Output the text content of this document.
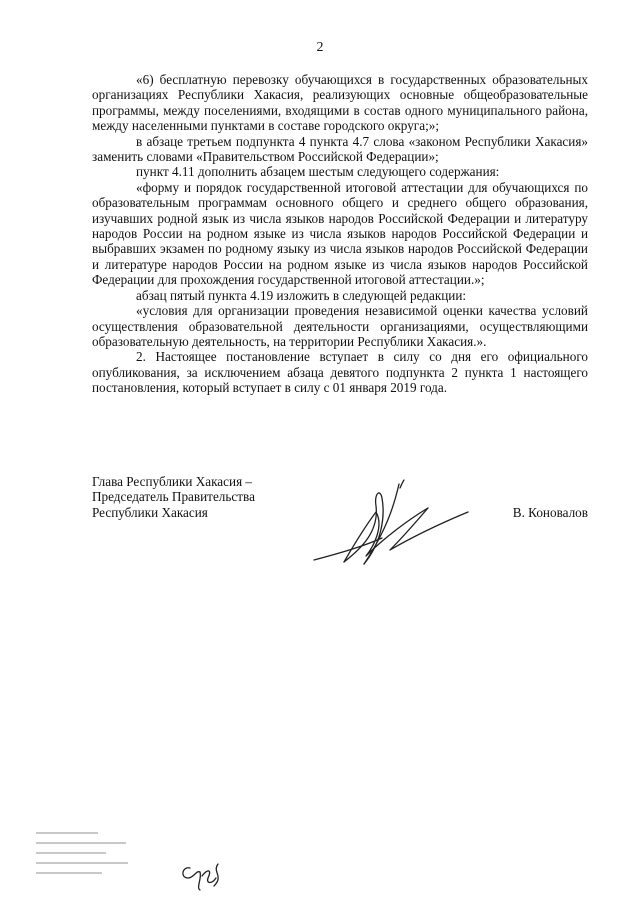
2

«6) бесплатную перевозку обучающихся в государственных образовательных организациях Республики Хакасия, реализующих основные общеобразовательные программы, между поселениями, входящими в состав одного муниципального района, между населенными пунктами в составе городского округа;»;

в абзаце третьем подпункта 4 пункта 4.7 слова «законом Республики Хакасия» заменить словами «Правительством Российской Федерации»;

пункт 4.11 дополнить абзацем шестым следующего содержания:

«форму и порядок государственной итоговой аттестации для обучающихся по образовательным программам основного общего и среднего общего образования, изучавших родной язык из числа языков народов Российской Федерации и литературу народов России на родном языке из числа языков народов Российской Федерации и выбравших экзамен по родному языку из числа языков народов Российской Федерации и литературе народов России на родном языке из числа языков народов Российской Федерации для прохождения государственной итоговой аттестации.»;

абзац пятый пункта 4.19 изложить в следующей редакции:

«условия для организации проведения независимой оценки качества условий осуществления образовательной деятельности организациями, осуществляющими образовательную деятельность, на территории Республики Хакасия.».

2. Настоящее постановление вступает в силу со дня его официального опубликования, за исключением абзаца девятого подпункта 2 пункта 1 настоящего постановления, который вступает в силу с 01 января 2019 года.

Глава Республики Хакасия –
Председатель Правительства
Республики Хакасия	В. Коновалов
